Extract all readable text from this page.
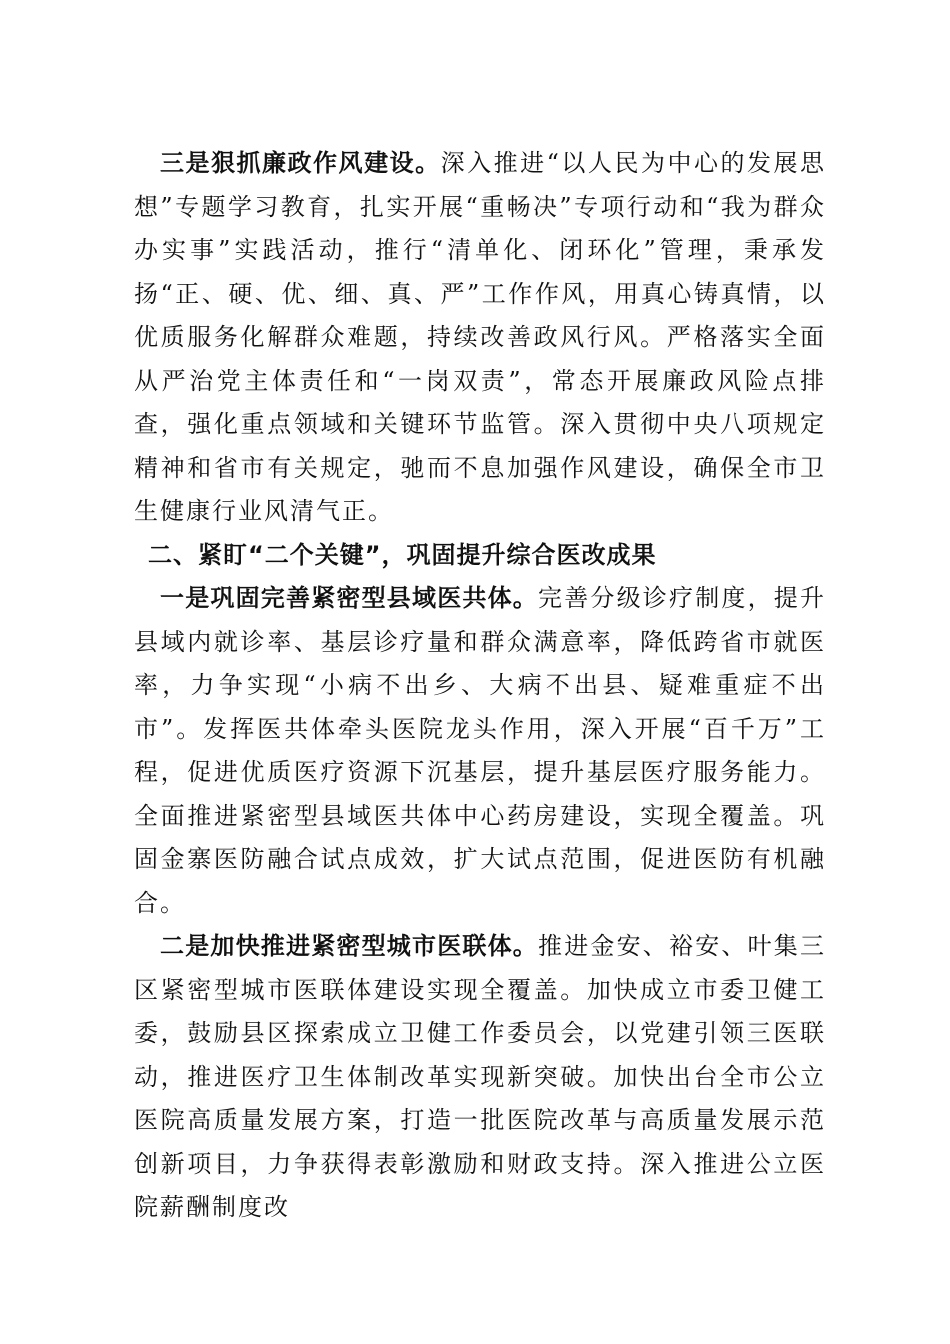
三是狠抓廉政作风建设。深入推进“以人民为中心的发展思想”专题学习教育，扎实开展“重畅决”专项行动和“我为群众办实事”实践活动，推行“清单化、闭环化”管理，秉承发扬“正、硬、优、细、真、严”工作作风，用真心铸真情，以优质服务化解群众难题，持续改善政风行风。严格落实全面从严治党主体责任和“一岗双责”，常态开展廉政风险点排查，强化重点领域和关键环节监管。深入贯彻中央八项规定精神和省市有关规定，驰而不息加强作风建设，确保全市卫生健康行业风清气正。

二、紧盯“二个关键”，巩固提升综合医改成果

一是巩固完善紧密型县域医共体。完善分级诊疗制度，提升县域内就诊率、基层诊疗量和群众满意率，降低跨省市就医率，力争实现“小病不出乡、大病不出县、疑难重症不出市”。发挥医共体牵头医院龙头作用，深入开展“百千万”工程，促进优质医疗资源下沉基层，提升基层医疗服务能力。全面推进紧密型县域医共体中心药房建设，实现全覆盖。巩固金寨医防融合试点成效，扩大试点范围，促进医防有机融合。

二是加快推进紧密型城市医联体。推进金安、裕安、叶集三区紧密型城市医联体建设实现全覆盖。加快成立市委卫健工委，鼓励县区探索成立卫健工作委员会，以党建引领三医联动，推进医疗卫生体制改革实现新突破。加快出台全市公立医院高质量发展方案，打造一批医院改革与高质量发展示范创新项目，力争获得表彰激励和财政支持。深入推进公立医院薪酬制度改
